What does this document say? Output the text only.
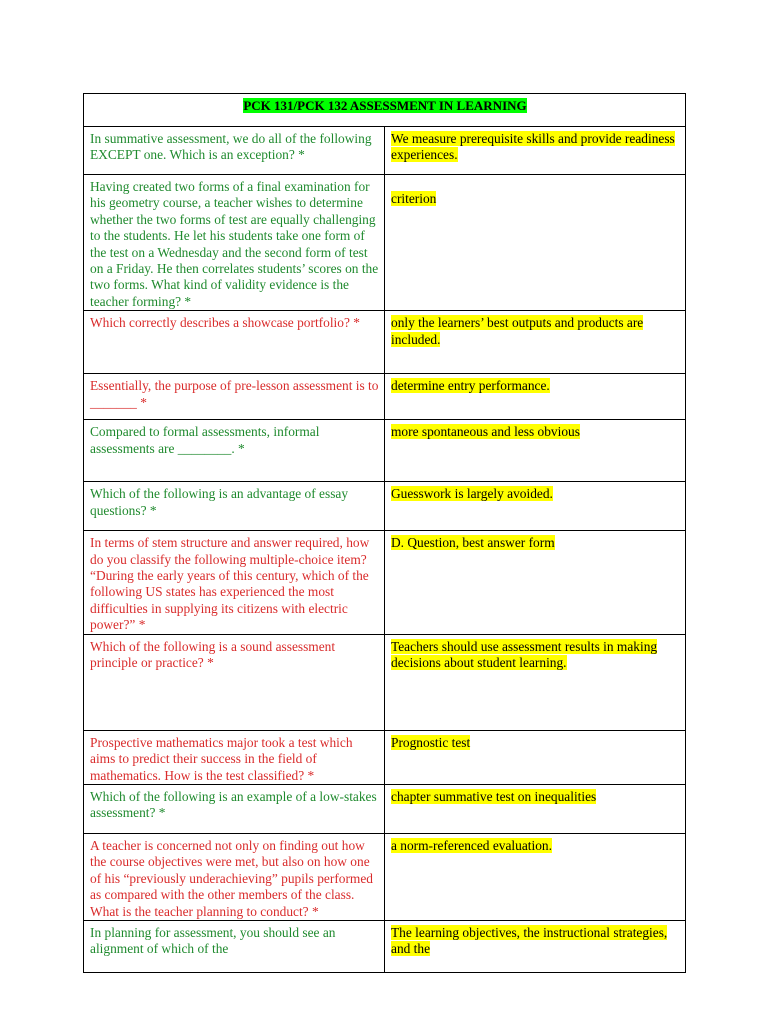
PCK 131/PCK 132 ASSESSMENT IN LEARNING	
In summative assessment, we do all of the following EXCEPT one. Which is an exception? *	We measure prerequisite skills and provide readiness experiences.
Having created two forms of a final examination for his geometry course, a teacher wishes to determine whether the two forms of test are equally challenging to the students. He let his students take one form of the test on a Wednesday and the second form of test on a Friday. He then correlates students’ scores on the two forms. What kind of validity evidence is the teacher forming? *	criterion
Which correctly describes a showcase portfolio? *	only the learners’ best outputs and products are included.
Essentially, the purpose of pre-lesson assessment is to _______ *	determine entry performance.
Compared to formal assessments, informal assessments are ________. *	more spontaneous and less obvious
Which of the following is an advantage of essay questions? *	Guesswork is largely avoided.
In terms of stem structure and answer required, how do you classify the following multiple-choice item? “During the early years of this century, which of the following US states has experienced the most difficulties in supplying its citizens with electric power?” *	D. Question, best answer form
Which of the following is a sound assessment principle or practice? *	Teachers should use assessment results in making decisions about student learning.
Prospective mathematics major took a test which aims to predict their success in the field of mathematics. How is the test classified? *	Prognostic test
Which of the following is an example of a low-stakes assessment? *	chapter summative test on inequalities
A teacher is concerned not only on finding out how the course objectives were met, but also on how one of his “previously underachieving” pupils performed as compared with the other members of the class. What is the teacher planning to conduct? *	a norm-referenced evaluation.
In planning for assessment, you should see an alignment of which of the	The learning objectives, the instructional strategies, and the
